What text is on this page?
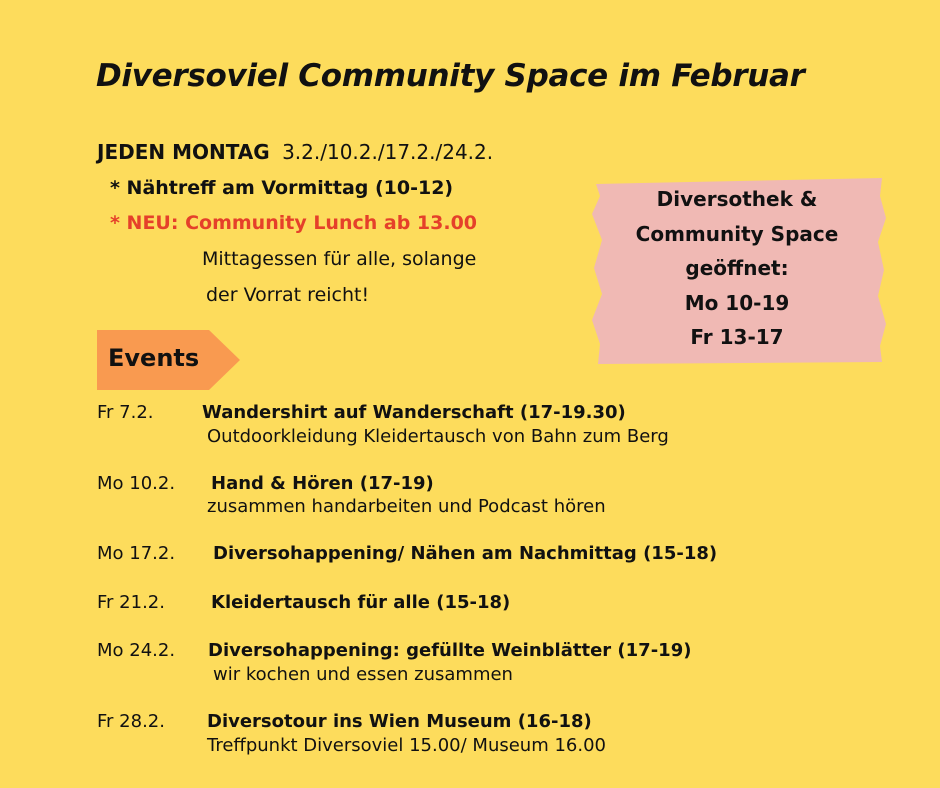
Diversoviel Community Space im Februar
JEDEN MONTAG 3.2./10.2./17.2./24.2.
* Nähtreff am Vormittag (10-12)
* NEU: Community Lunch ab 13.00
Mittagessen für alle, solange
der Vorrat reicht!
Diversothek &
Community Space
geöffnet:
Mo 10-19
Fr 13-17
Events
Fr 7.2.	Wandershirt auf Wanderschaft (17-19.30)
Outdoorkleidung Kleidertausch von Bahn zum Berg
Mo 10.2. Hand & Hören (17-19)
zusammen handarbeiten und Podcast hören
Mo 17.2. Diversohappening/ Nähen am Nachmittag (15-18)
Fr 21.2.	Kleidertausch für alle (15-18)
Mo 24.2. Diversohappening: gefüllte Weinblätter (17-19)
wir kochen und essen zusammen
Fr 28.2. Diversotour ins Wien Museum (16-18)
Treffpunkt Diversoviel 15.00/ Museum 16.00
